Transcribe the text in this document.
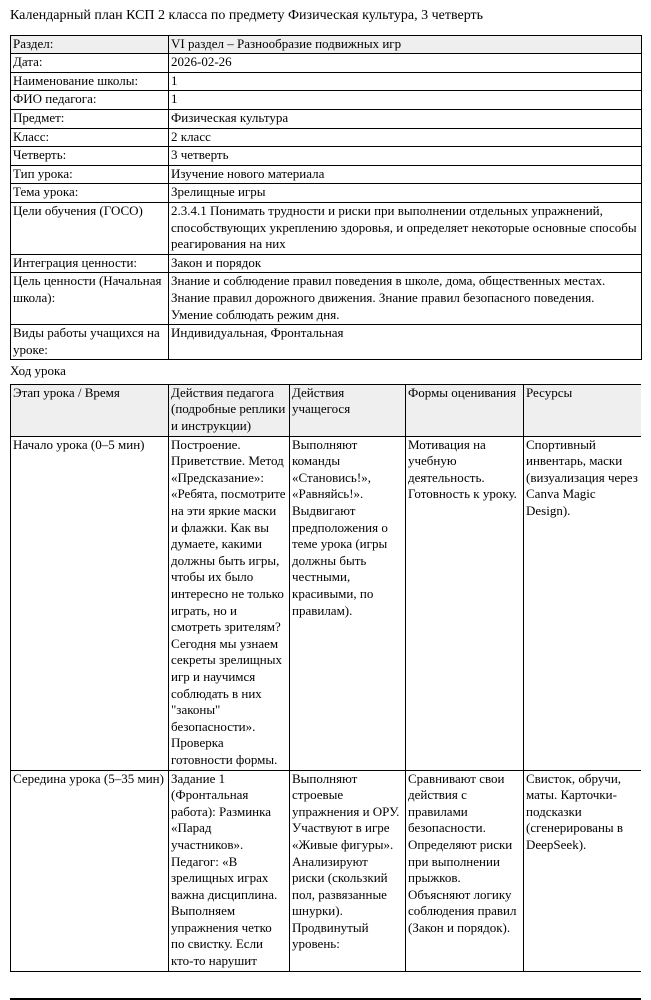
Календарный план КСП 2 класса по предмету Физическая культура, 3 четверть

Раздел:	VI раздел – Разнообразие подвижных игр
Дата:	2026-02-26
Наименование школы:	1
ФИО педагога:	1
Предмет:	Физическая культура
Класс:	2 класс
Четверть:	3 четверть
Тип урока:	Изучение нового материала
Тема урока:	Зрелищные игры
Цели обучения (ГОСО)	2.3.4.1 Понимать трудности и риски при выполнении отдельных упражнений, способствующих укреплению здоровья, и определяет некоторые основные способы реагирования на них
Интеграция ценности:	Закон и порядок
Цель ценности (Начальная школа):	Знание и соблюдение правил поведения в школе, дома, общественных местах. Знание правил дорожного движения. Знание правил безопасного поведения. Умение соблюдать режим дня.
Виды работы учащихся на уроке:	Индивидуальная, Фронтальная

Ход урока

Этап урока / Время	Действия педагога (подробные реплики и инструкции)	Действия учащегося	Формы оценивания	Ресурсы
Начало урока (0–5 мин)	Построение. Приветствие. Метод «Предсказание»: «Ребята, посмотрите на эти яркие маски и флажки. Как вы думаете, какими должны быть игры, чтобы их было интересно не только играть, но и смотреть зрителям? Сегодня мы узнаем секреты зрелищных игр и научимся соблюдать в них "законы" безопасности». Проверка готовности формы.	Выполняют команды «Становись!», «Равняйсь!». Выдвигают предположения о теме урока (игры должны быть честными, красивыми, по правилам).	Мотивация на учебную деятельность. Готовность к уроку.	Спортивный инвентарь, маски (визуализация через Canva Magic Design).
Середина урока (5–35 мин)	Задание 1 (Фронтальная работа): Разминка «Парад участников». Педагог: «В зрелищных играх важна дисциплина. Выполняем упражнения четко по свистку. Если кто-то нарушит	Выполняют строевые упражнения и ОРУ. Участвуют в игре «Живые фигуры». Анализируют риски (скользкий пол, развязанные шнурки). Продвинутый уровень:	Сравнивают свои действия с правилами безопасности. Определяют риски при выполнении прыжков. Объясняют логику соблюдения правил (Закон и порядок).	Свисток, обручи, маты. Карточки-подсказки (сгенерированы в DeepSeek).
